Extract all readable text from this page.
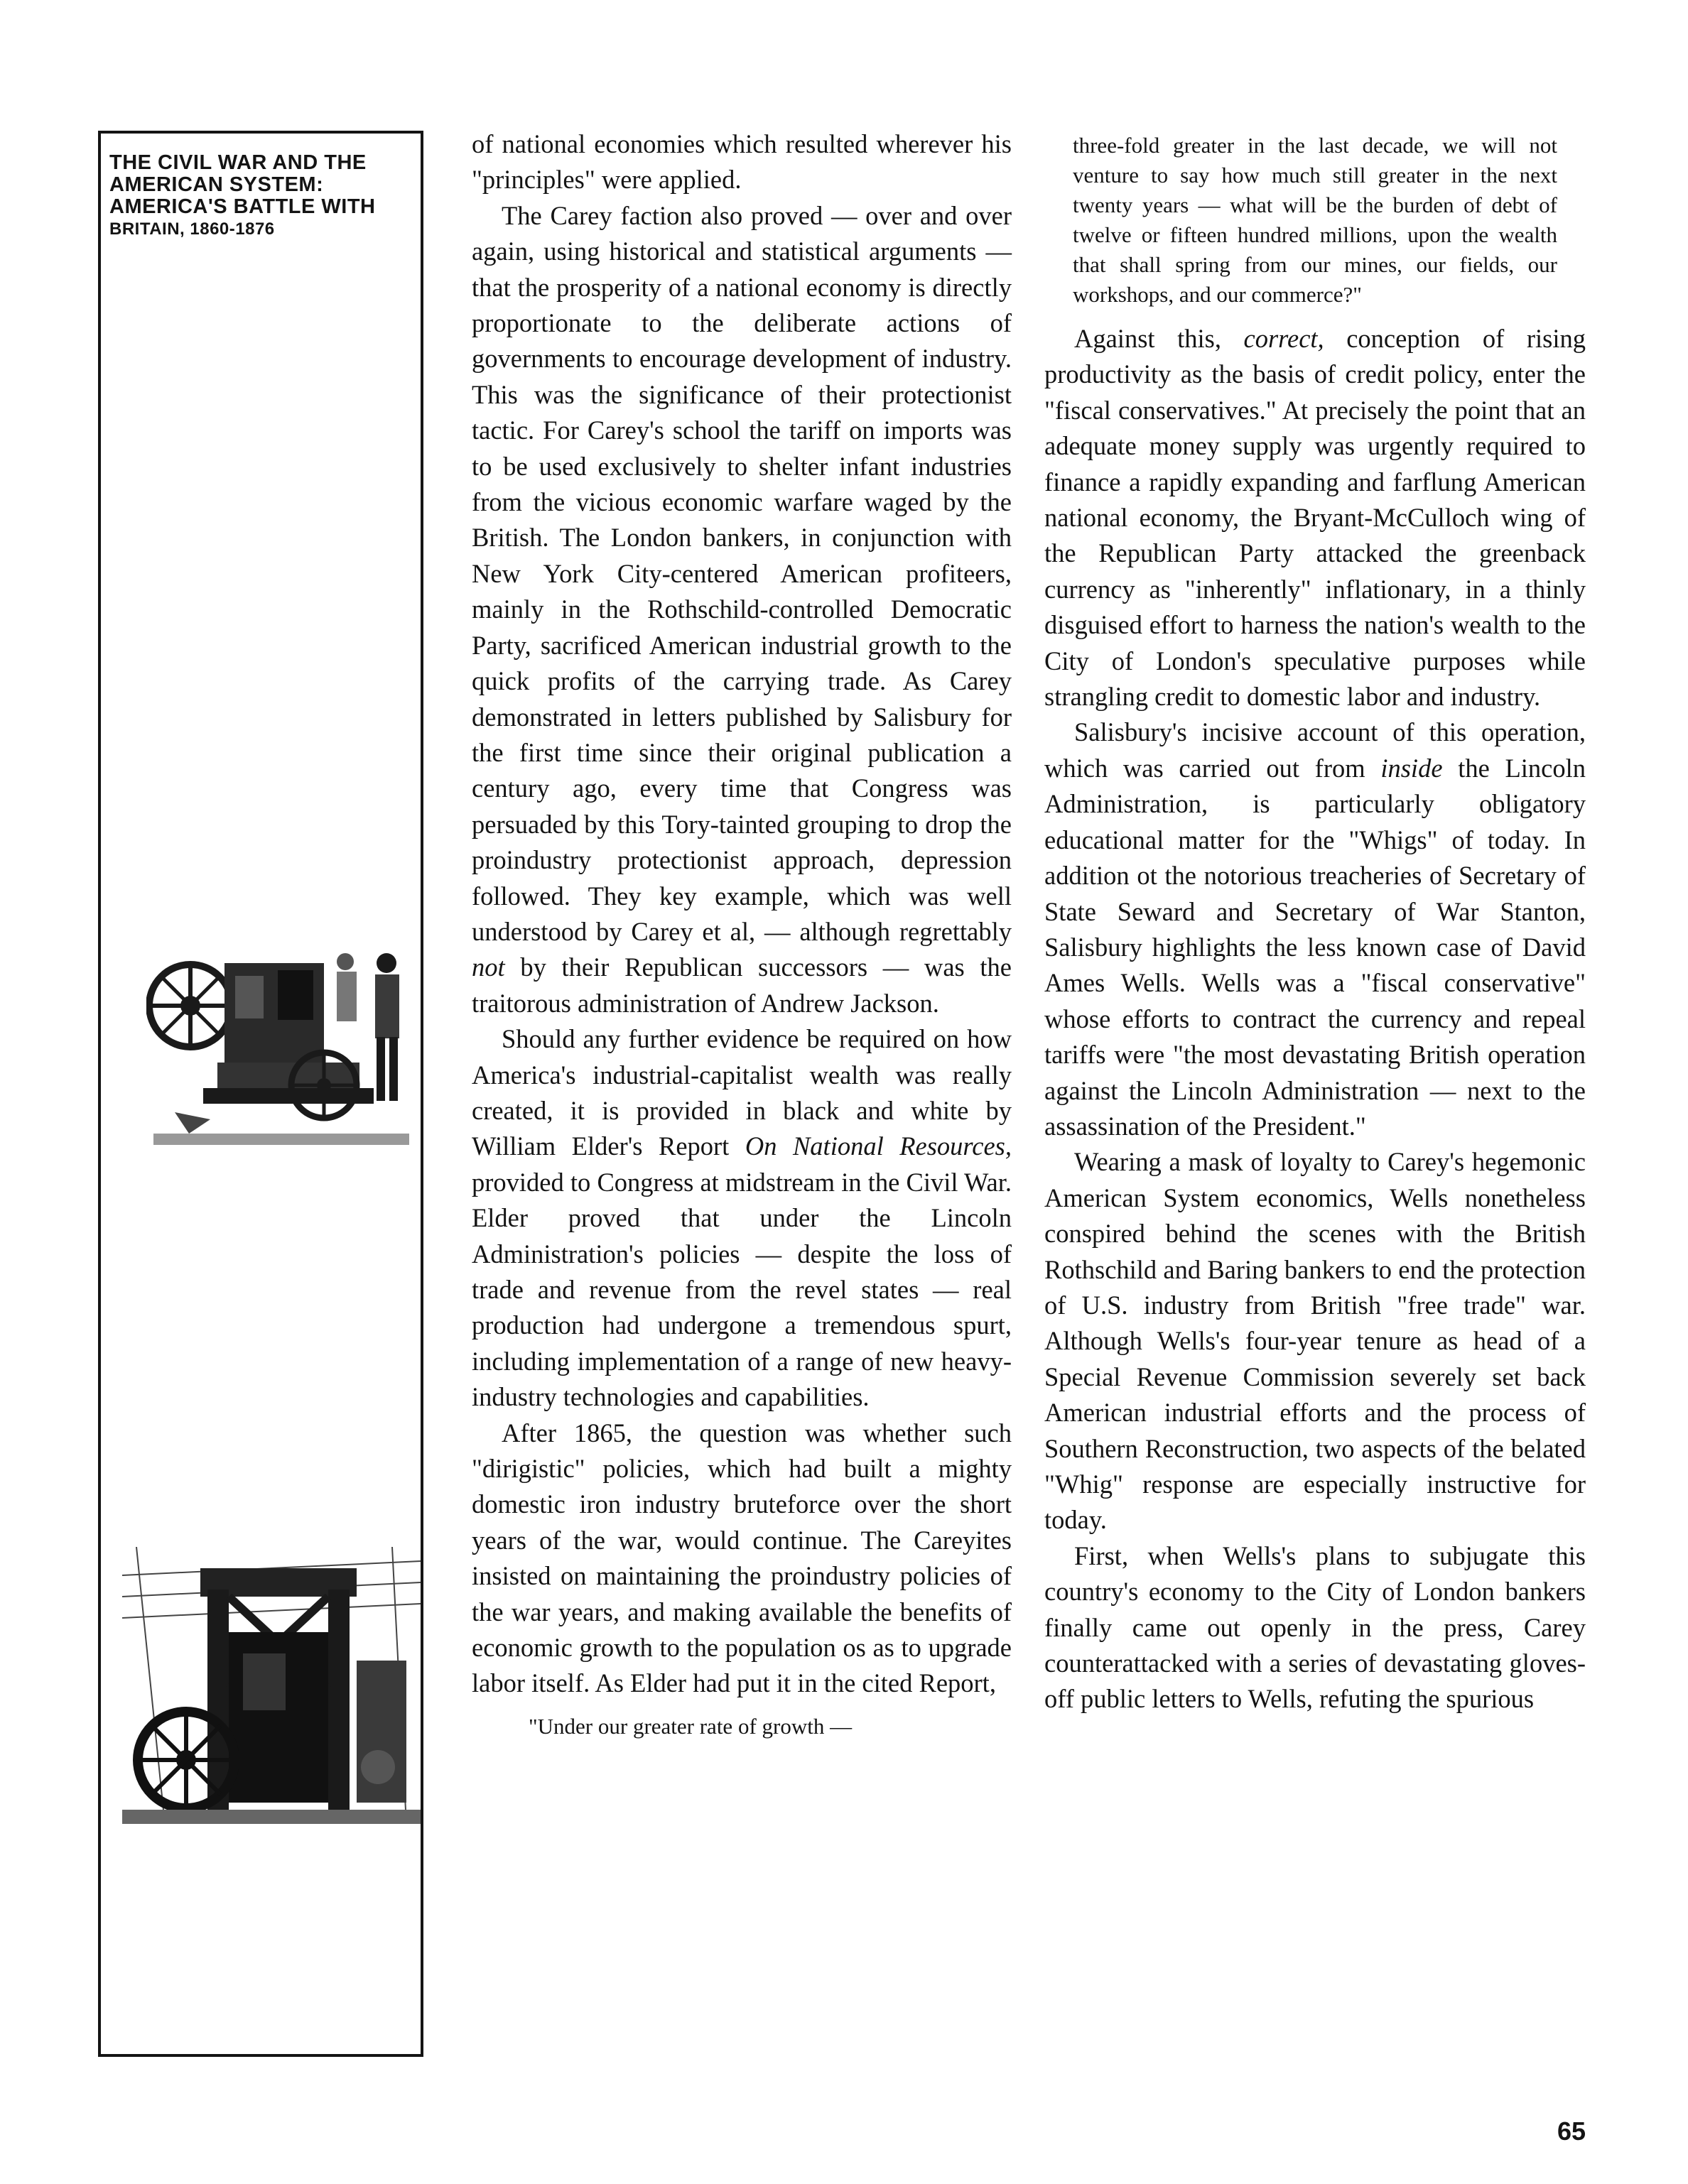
THE CIVIL WAR AND THE
AMERICAN SYSTEM:
AMERICA'S BATTLE WITH
BRITAIN, 1860-1876

of national economies which resulted wherever his "principles" were applied.

The Carey faction also proved — over and over again, using historical and statistical arguments — that the prosperity of a national economy is directly proportionate to the deliberate actions of governments to encourage development of industry. This was the significance of their protectionist tactic. For Carey's school the tariff on imports was to be used exclusively to shelter infant industries from the vicious economic warfare waged by the British. The London bankers, in conjunction with New York City-centered American profiteers, mainly in the Rothschild-controlled Democratic Party, sacrificed American industrial growth to the quick profits of the carrying trade. As Carey demonstrated in letters published by Salisbury for the first time since their original publication a century ago, every time that Congress was persuaded by this Tory-tainted grouping to drop the proindustry protectionist approach, depression followed. They key example, which was well understood by Carey et al, — although regrettably not by their Republican successors — was the traitorous administration of Andrew Jackson.

Should any further evidence be required on how America's industrial-capitalist wealth was really created, it is provided in black and white by William Elder's Report On National Resources, provided to Congress at midstream in the Civil War. Elder proved that under the Lincoln Administration's policies — despite the loss of trade and revenue from the revel states — real production had undergone a tremendous spurt, including implementation of a range of new heavy-industry technologies and capabilities.

After 1865, the question was whether such "dirigistic" policies, which had built a mighty domestic iron industry bruteforce over the short years of the war, would continue. The Careyites insisted on maintaining the proindustry policies of the war years, and making available the benefits of economic growth to the population os as to upgrade labor itself. As Elder had put it in the cited Report,

"Under our greater rate of growth —

three-fold greater in the last decade, we will not venture to say how much still greater in the next twenty years — what will be the burden of debt of twelve or fifteen hundred millions, upon the wealth that shall spring from our mines, our fields, our workshops, and our commerce?"

Against this, correct, conception of rising productivity as the basis of credit policy, enter the "fiscal conservatives." At precisely the point that an adequate money supply was urgently required to finance a rapidly expanding and farflung American national economy, the Bryant-McCulloch wing of the Republican Party attacked the greenback currency as "inherently" inflationary, in a thinly disguised effort to harness the nation's wealth to the City of London's speculative purposes while strangling credit to domestic labor and industry.

Salisbury's incisive account of this operation, which was carried out from inside the Lincoln Administration, is particularly obligatory educational matter for the "Whigs" of today. In addition ot the notorious treacheries of Secretary of State Seward and Secretary of War Stanton, Salisbury highlights the less known case of David Ames Wells. Wells was a "fiscal conservative" whose efforts to contract the currency and repeal tariffs were "the most devastating British operation against the Lincoln Administration — next to the assassination of the President."

Wearing a mask of loyalty to Carey's hegemonic American System economics, Wells nonetheless conspired behind the scenes with the British Rothschild and Baring bankers to end the protection of U.S. industry from British "free trade" war. Although Wells's four-year tenure as head of a Special Revenue Commission severely set back American industrial efforts and the process of Southern Reconstruction, two aspects of the belated "Whig" response are especially instructive for today.

First, when Wells's plans to subjugate this country's economy to the City of London bankers finally came out openly in the press, Carey counterattacked with a series of devastating gloves-off public letters to Wells, refuting the spurious

65
